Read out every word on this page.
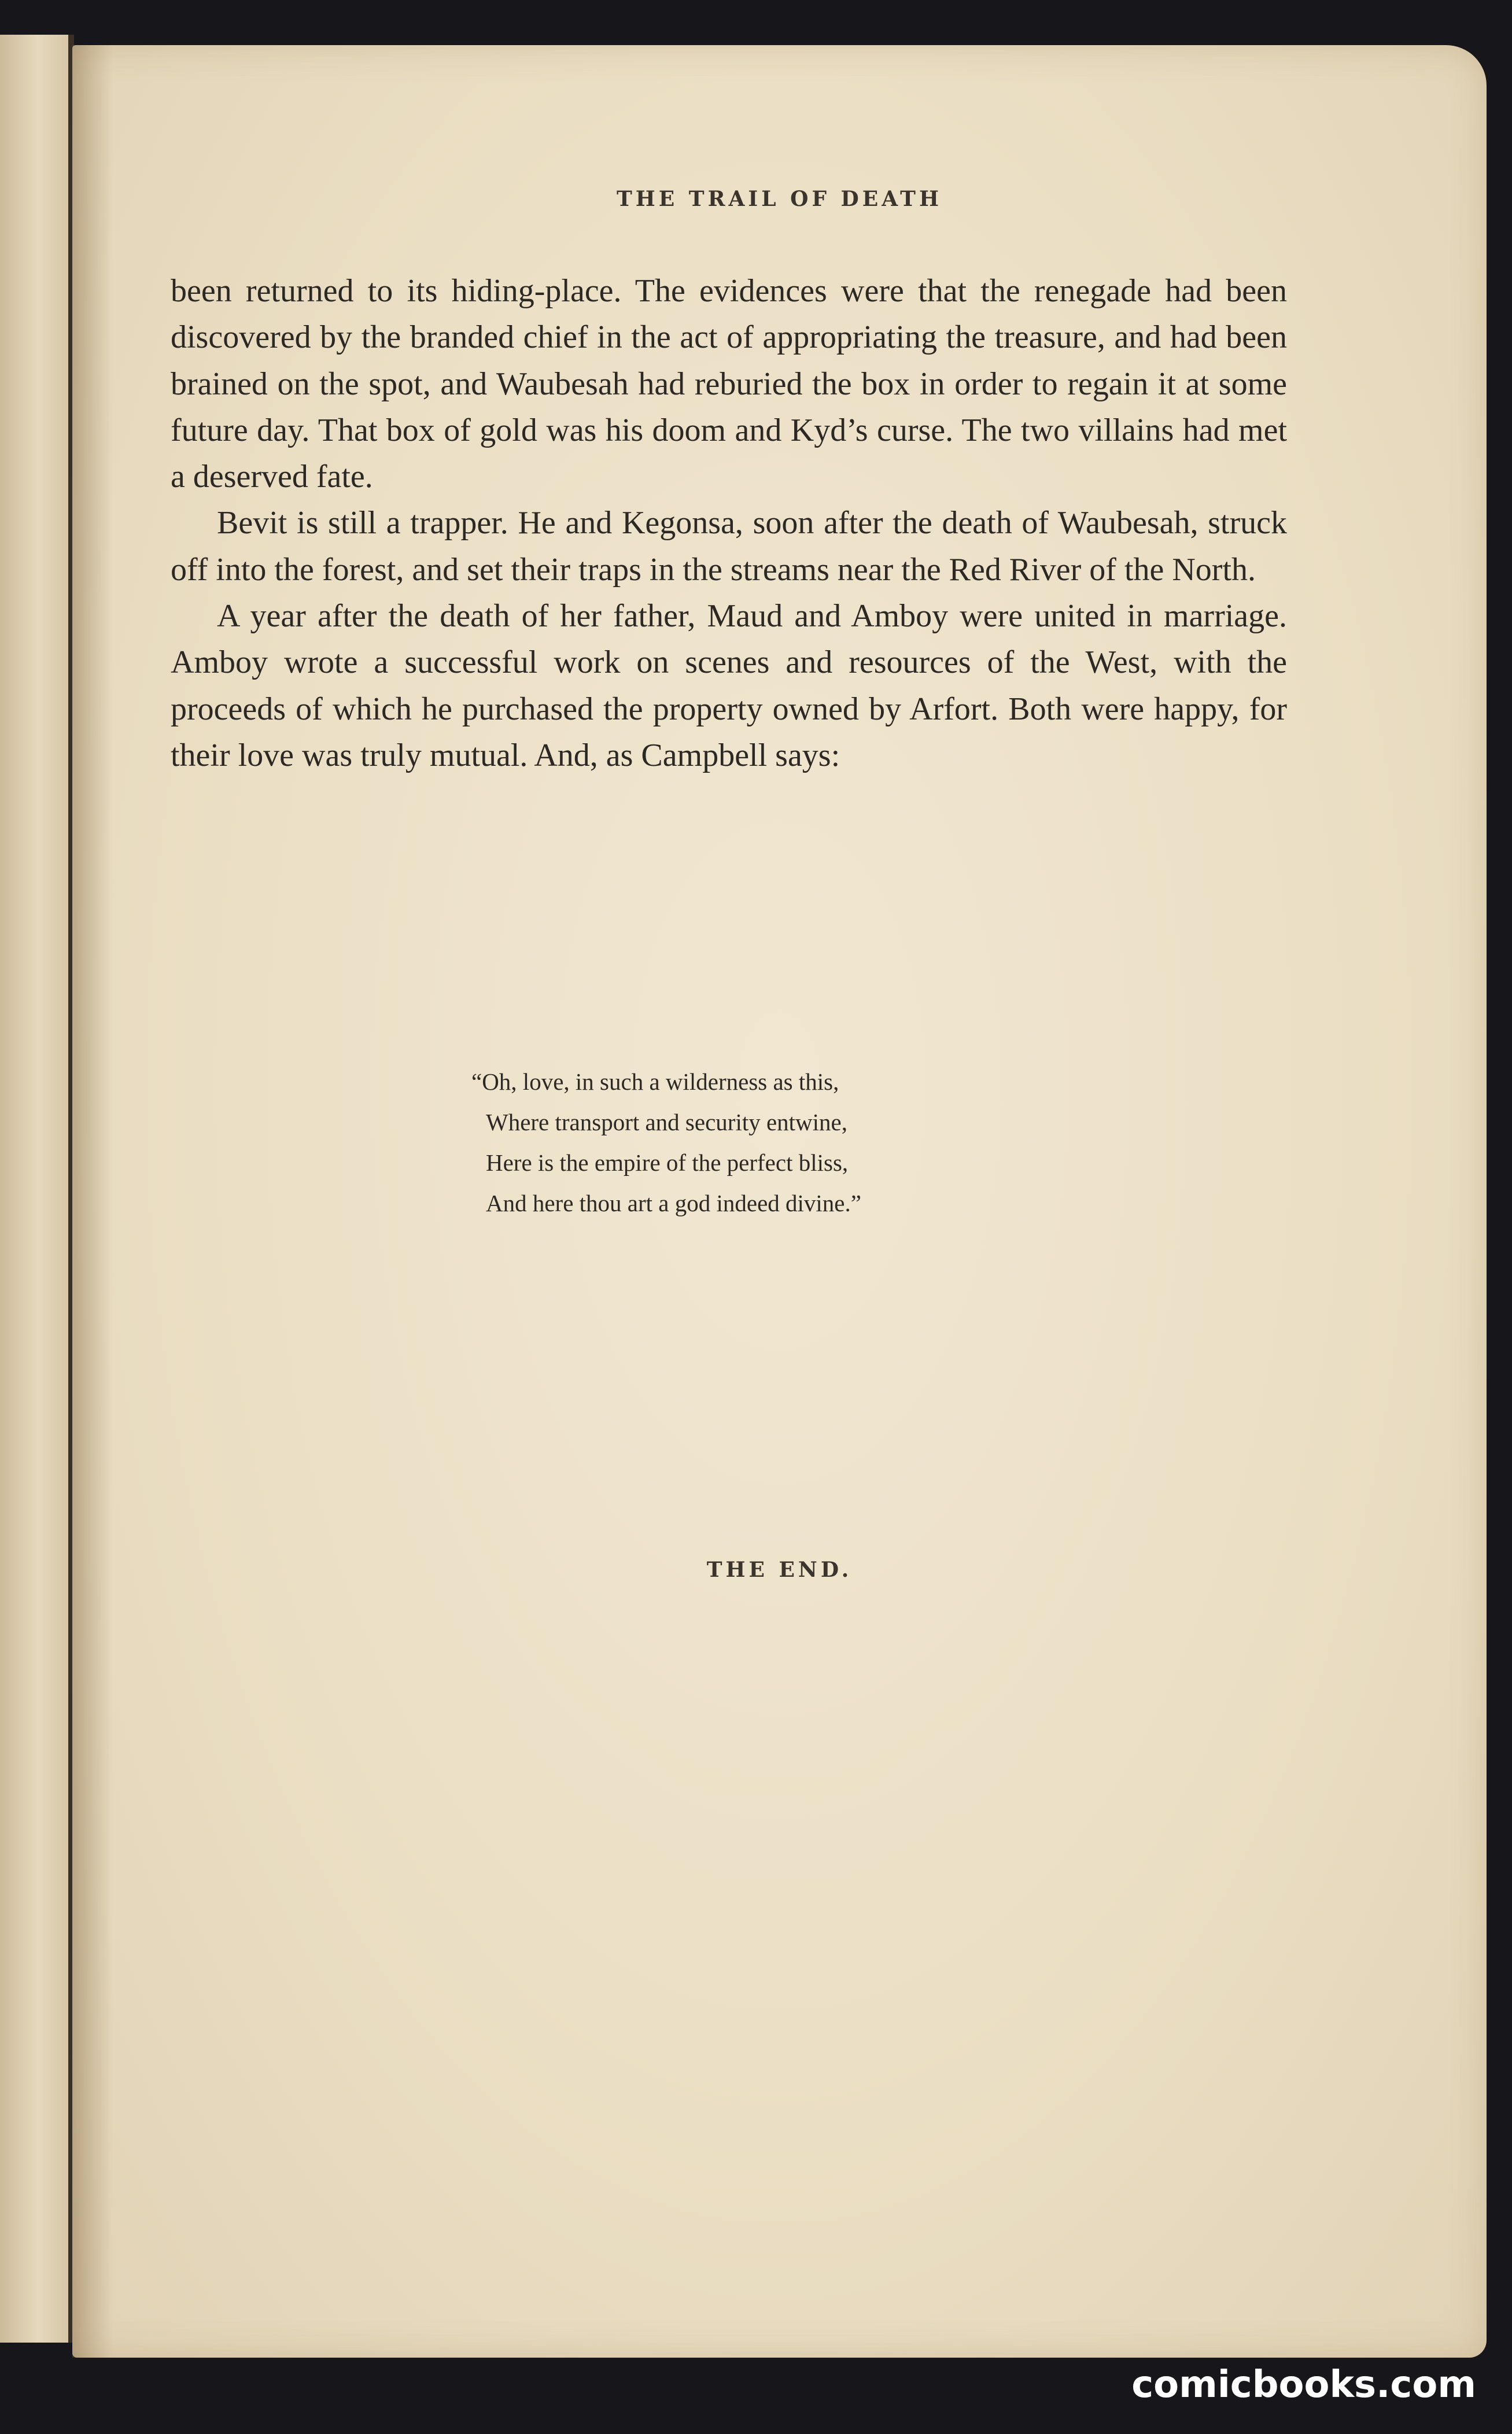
THE TRAIL OF DEATH

been returned to its hiding-place. The evidences were that the renegade had been discovered by the branded chief in the act of appropriating the treasure, and had been brained on the spot, and Waubesah had reburied the box in order to regain it at some future day. That box of gold was his doom and Kyd’s curse. The two villains had met a deserved fate.

Bevit is still a trapper. He and Kegonsa, soon after the death of Waubesah, struck off into the forest, and set their traps in the streams near the Red River of the North.

A year after the death of her father, Maud and Amboy were united in marriage. Amboy wrote a successful work on scenes and resources of the West, with the proceeds of which he purchased the property owned by Arfort. Both were happy, for their love was truly mutual. And, as Campbell says:

“Oh, love, in such a wilderness as this,
Where transport and security entwine,
Here is the empire of the perfect bliss,
And here thou art a god indeed divine.”
THE END.
comicbooks.com
